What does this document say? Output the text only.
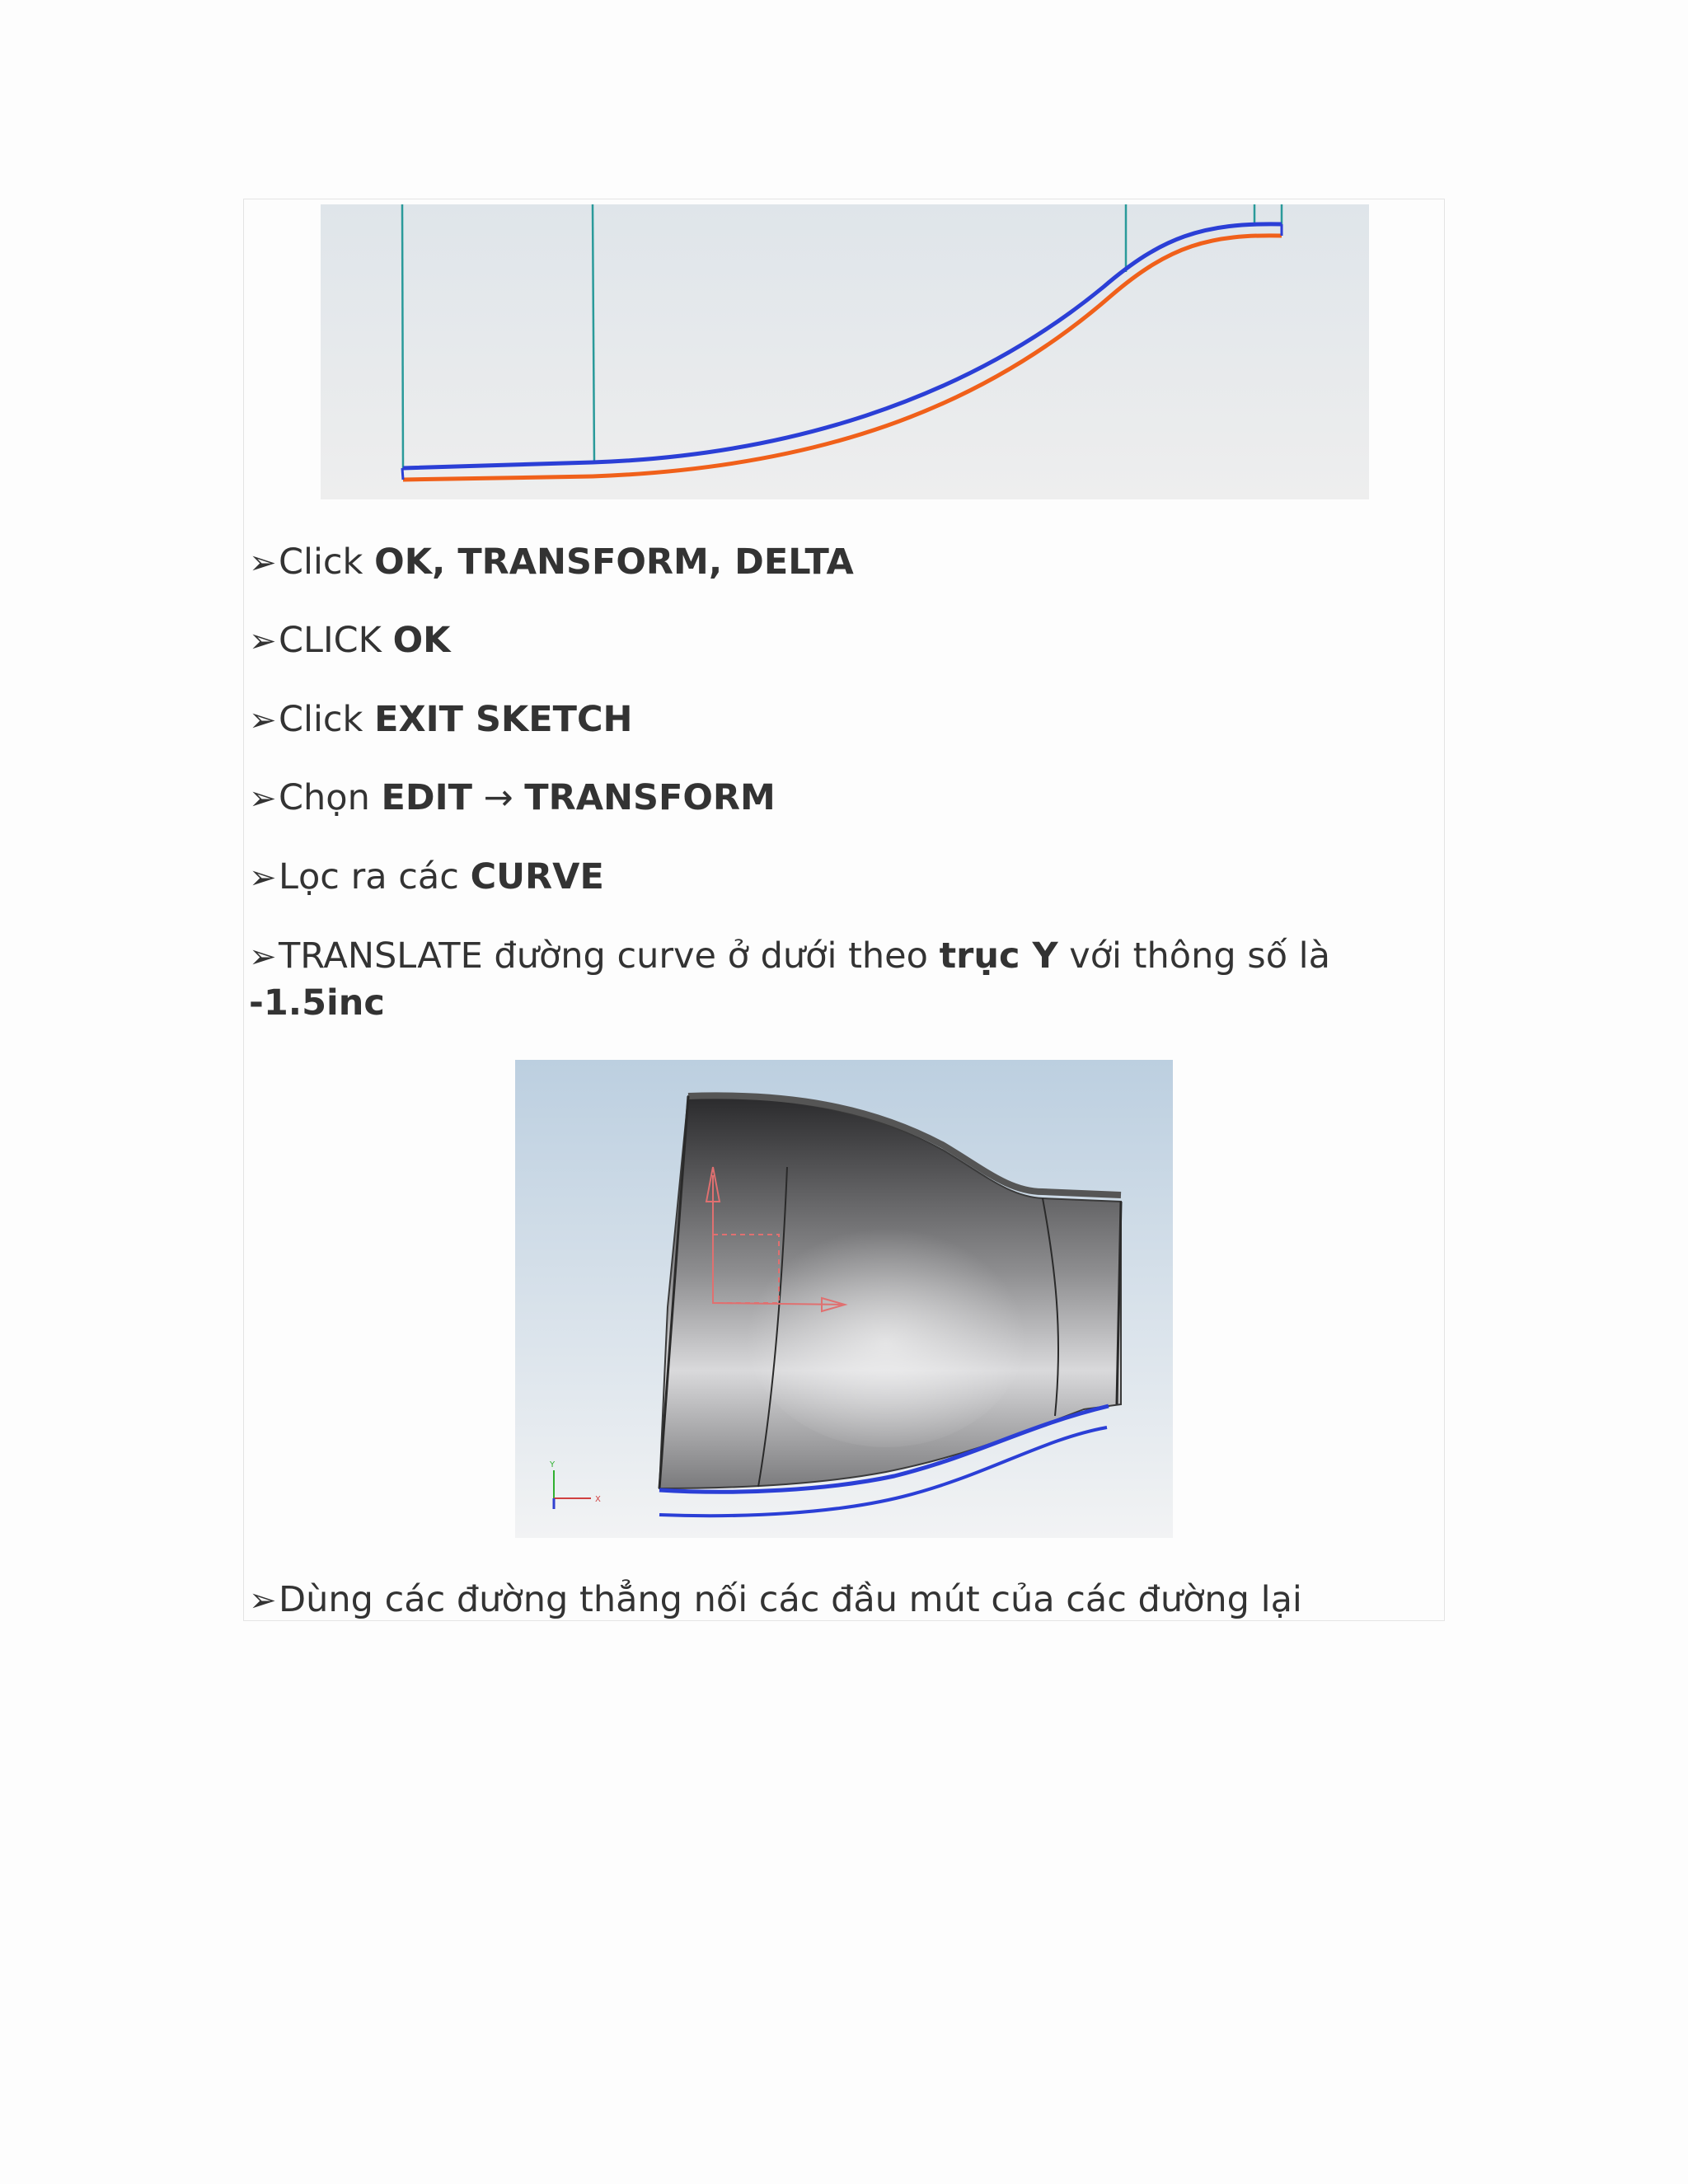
➢Click OK, TRANSFORM, DELTA
➢CLICK OK
➢Click EXIT SKETCH
➢Chọn EDIT → TRANSFORM
➢Lọc ra các CURVE
➢TRANSLATE đường curve ở dưới theo trục Y với thông số là -1.5inc
Y
X
➢Dùng các đường thẳng nối các đầu mút của các đường lại
